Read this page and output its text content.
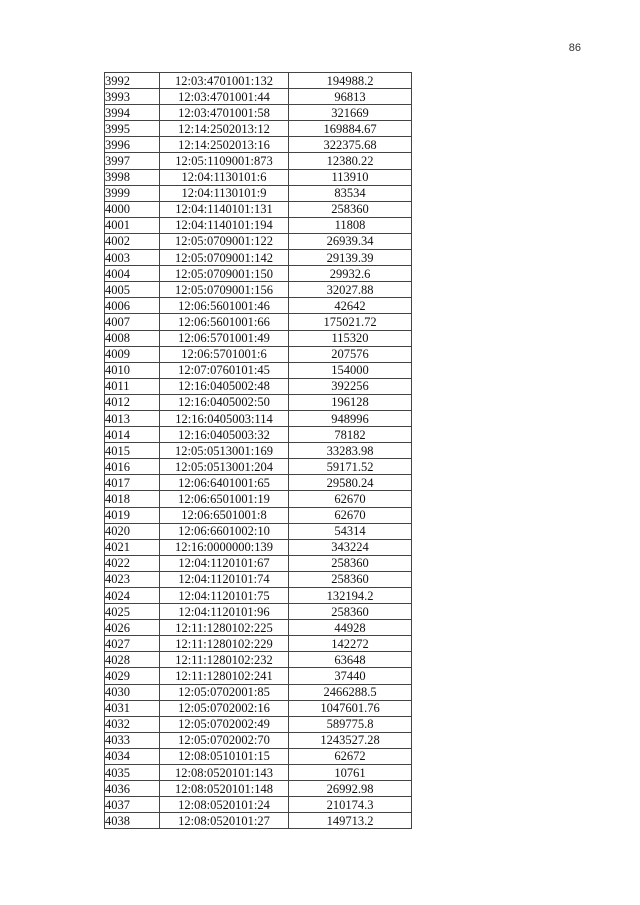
86
3992	12:03:4701001:132	194988.2
3993	12:03:4701001:44	96813
3994	12:03:4701001:58	321669
3995	12:14:2502013:12	169884.67
3996	12:14:2502013:16	322375.68
3997	12:05:1109001:873	12380.22
3998	12:04:1130101:6	113910
3999	12:04:1130101:9	83534
4000	12:04:1140101:131	258360
4001	12:04:1140101:194	11808
4002	12:05:0709001:122	26939.34
4003	12:05:0709001:142	29139.39
4004	12:05:0709001:150	29932.6
4005	12:05:0709001:156	32027.88
4006	12:06:5601001:46	42642
4007	12:06:5601001:66	175021.72
4008	12:06:5701001:49	115320
4009	12:06:5701001:6	207576
4010	12:07:0760101:45	154000
4011	12:16:0405002:48	392256
4012	12:16:0405002:50	196128
4013	12:16:0405003:114	948996
4014	12:16:0405003:32	78182
4015	12:05:0513001:169	33283.98
4016	12:05:0513001:204	59171.52
4017	12:06:6401001:65	29580.24
4018	12:06:6501001:19	62670
4019	12:06:6501001:8	62670
4020	12:06:6601002:10	54314
4021	12:16:0000000:139	343224
4022	12:04:1120101:67	258360
4023	12:04:1120101:74	258360
4024	12:04:1120101:75	132194.2
4025	12:04:1120101:96	258360
4026	12:11:1280102:225	44928
4027	12:11:1280102:229	142272
4028	12:11:1280102:232	63648
4029	12:11:1280102:241	37440
4030	12:05:0702001:85	2466288.5
4031	12:05:0702002:16	1047601.76
4032	12:05:0702002:49	589775.8
4033	12:05:0702002:70	1243527.28
4034	12:08:0510101:15	62672
4035	12:08:0520101:143	10761
4036	12:08:0520101:148	26992.98
4037	12:08:0520101:24	210174.3
4038	12:08:0520101:27	149713.2
